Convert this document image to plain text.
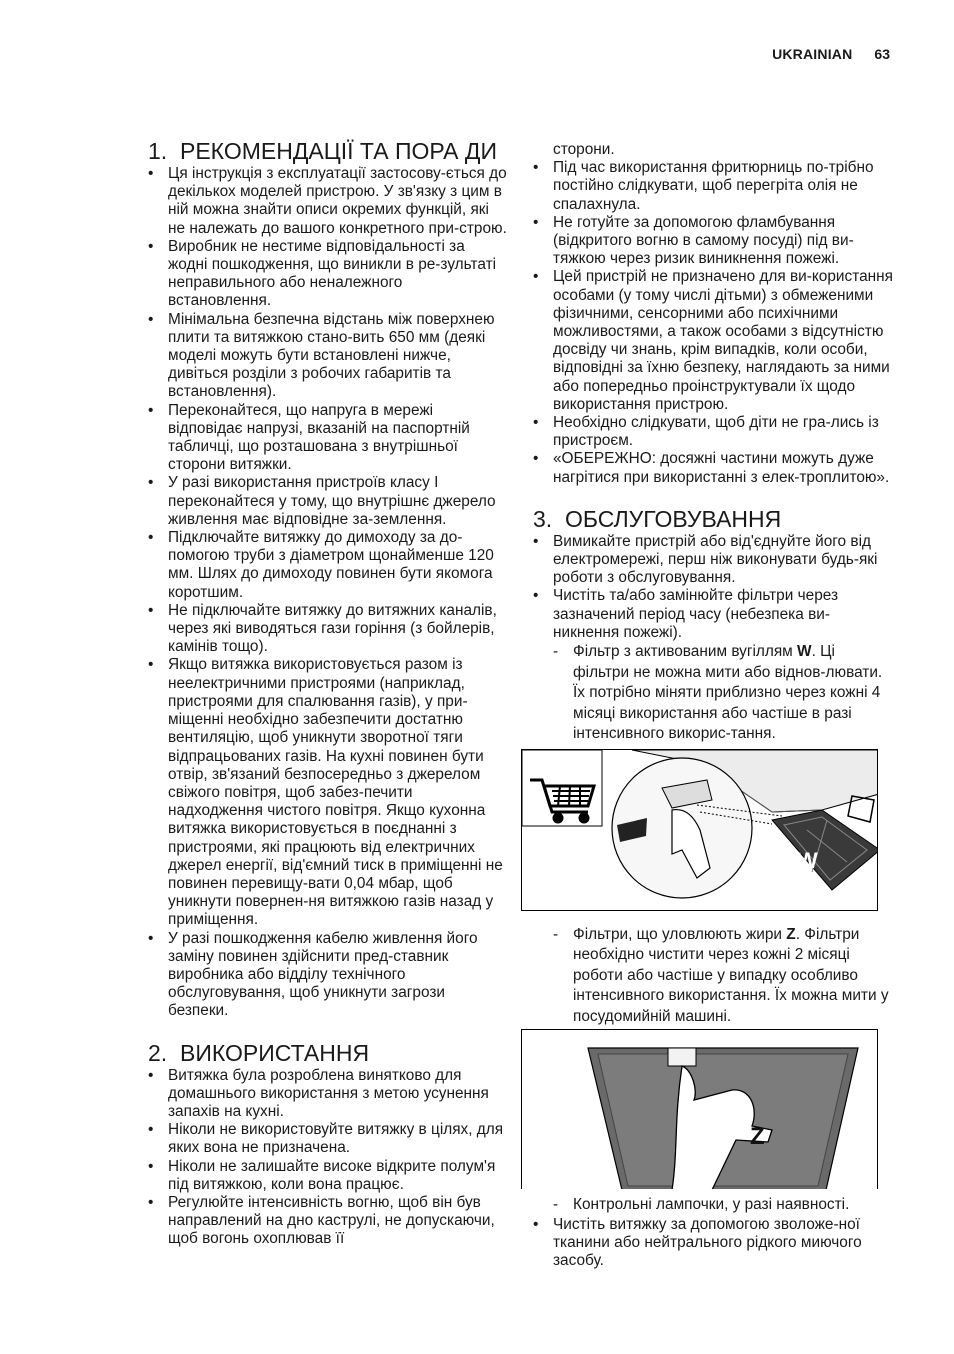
UKRAINIAN 63
1. РЕКОМЕНДАЦІЇ ТА ПОРА ДИ
• Ця інструкція з експлуатації застосову-ється до декількох моделей пристрою. У зв'язку з цим в ній можна знайти описи окремих функцій, які не належать до вашого конкретного при-строю.
• Виробник не нестиме відповідальності за жодні пошкодження, що виникли в ре-зультаті неправильного або неналежного встановлення.
• Мінімальна безпечна відстань між поверхнею плити та витяжкою стано-вить 650 мм (деякі моделі можуть бути встановлені нижче, дивіться розділи з робочих габаритів та встановлення).
• Переконайтеся, що напруга в мережі відповідає напрузі, вказаній на паспортній табличці, що розташована з внутрішньої сторони витяжки.
• У разі використання пристроїв класу I переконайтеся у тому, що внутрішнє джерело живлення має відповідне за-землення.
• Підключайте витяжку до димоходу за до-помогою труби з діаметром щонайменше 120 мм. Шлях до димоходу повинен бути якомога коротшим.
• Не підключайте витяжку до витяжних каналів, через які виводяться гази горіння (з бойлерів, камінів тощо).
• Якщо витяжка використовується разом із неелектричними пристроями (наприклад, пристроями для спалювання газів), у при-міщенні необхідно забезпечити достатню вентиляцію, щоб уникнути зворотної тяги відпрацьованих газів. На кухні повинен бути отвір, зв'язаний безпосередньо з джерелом свіжого повітря, щоб забез-печити надходження чистого повітря. Якщо кухонна витяжка використовується в поєднанні з пристроями, які працюють від електричних джерел енергії, від'ємний тиск в приміщенні не повинен перевищу-вати 0,04 мбар, щоб уникнути повернен-ня витяжкою газів назад у приміщення.
• У разі пошкодження кабелю живлення його заміну повинен здійснити пред-ставник виробника або відділу технічного обслуговування, щоб уникнути загрози безпеки.
2. ВИКОРИСТАННЯ
• Витяжка була розроблена винятково для домашнього використання з метою усунення запахів на кухні.
• Ніколи не використовуйте витяжку в цілях, для яких вона не призначена.
• Ніколи не залишайте високе відкрите полум'я під витяжкою, коли вона працює.
• Регулюйте інтенсивність вогню, щоб він був направлений на дно каструлі, не допускаючи, щоб вогонь охоплював її
сторони.
• Під час використання фритюрниць по-трібно постійно слідкувати, щоб перегріта олія не спалахнула.
• Не готуйте за допомогою фламбування (відкритого вогню в самому посуді) під ви-тяжкою через ризик виникнення пожежі.
• Цей пристрій не призначено для ви-користання особами (у тому числі дітьми) з обмеженими фізичними, сенсорними або психічними можливостями, а також особами з відсутністю досвіду чи знань, крім випадків, коли особи, відповідні за їхню безпеку, наглядають за ними або попередньо проінструктували їх щодо використання пристрою.
• Необхідно слідкувати, щоб діти не гра-лись із пристроєм.
• «ОБЕРЕЖНО: досяжні частини можуть дуже нагрітися при використанні з елек-троплитою».
3. ОБСЛУГОВУВАННЯ
• Вимикайте пристрій або від'єднуйте його від електромережі, перш ніж виконувати будь-які роботи з обслуговування.
• Чистіть та/або замінюйте фільтри через зазначений період часу (небезпека ви-никнення пожежі).
- Фільтр з активованим вугіллям W. Ці фільтри не можна мити або віднов-лювати. Їх потрібно міняти приблизно через кожні 4 місяці використання або частіше в разі інтенсивного викорис-тання.
W
- Фільтри, що уловлюють жири Z. Фільтри необхідно чистити через кожні 2 місяці роботи або частіше у випадку особливо інтенсивного використання. Їх можна мити у посудомийній машині.
Z
- Контрольні лампочки, у разі наявності.
• Чистіть витяжку за допомогою зволоже-ної тканини або нейтрального рідкого миючого засобу.
